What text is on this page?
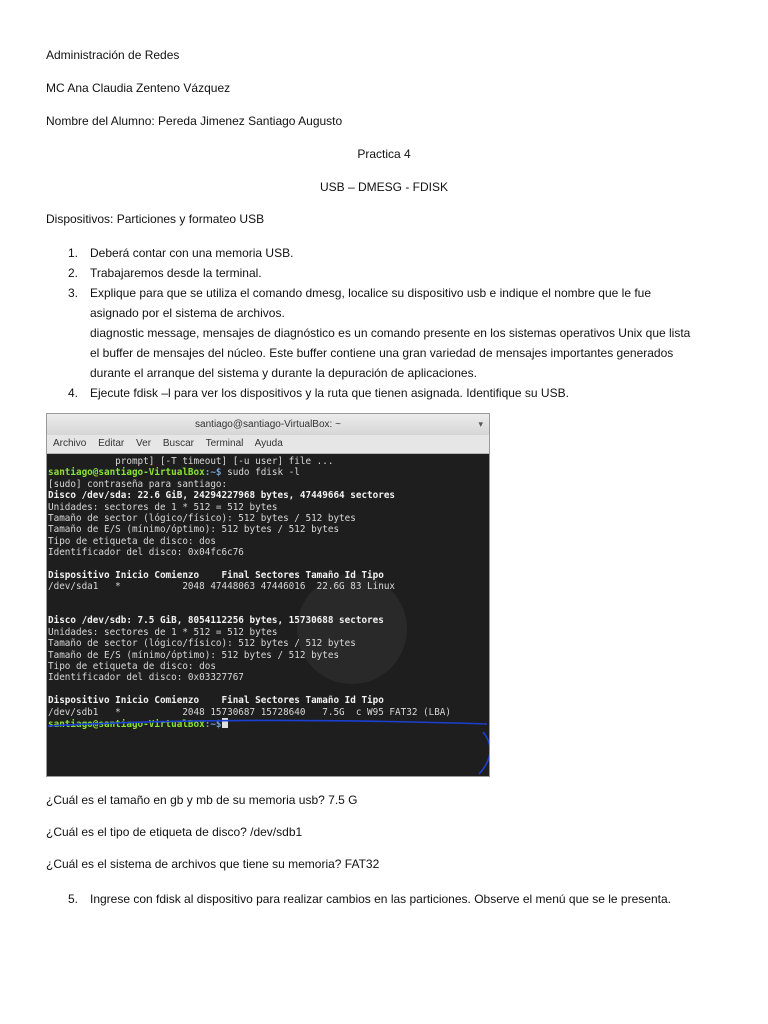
Administración de Redes
MC Ana Claudia Zenteno Vázquez
Nombre del Alumno: Pereda Jimenez Santiago Augusto
Practica 4
USB – DMESG - FDISK
Dispositivos: Particiones y formateo USB
1. Deberá contar con una memoria USB.
2. Trabajaremos desde la terminal.
3. Explique para que se utiliza el comando dmesg, localice su dispositivo usb e indique el nombre que le fue
asignado por el sistema de archivos.
diagnostic message, mensajes de diagnóstico es un comando presente en los sistemas operativos Unix que lista
el buffer de mensajes del núcleo. Este buffer contiene una gran variedad de mensajes importantes generados
durante el arranque del sistema y durante la depuración de aplicaciones.
4. Ejecute fdisk –l para ver los dispositivos y la ruta que tienen asignada. Identifique su USB.
santiago@santiago-VirtualBox: ~	▾
Archivo Editar Ver Buscar Terminal Ayuda
prompt] [-T timeout] [-u user] file ...
santiago@santiago-VirtualBox:~$ sudo fdisk -l
[sudo] contraseña para santiago:
Disco /dev/sda: 22.6 GiB, 24294227968 bytes, 47449664 sectores
Unidades: sectores de 1 * 512 = 512 bytes
Tamaño de sector (lógico/físico): 512 bytes / 512 bytes
Tamaño de E/S (mínimo/óptimo): 512 bytes / 512 bytes
Tipo de etiqueta de disco: dos
Identificador del disco: 0x04fc6c76
Dispositivo Inicio Comienzo    Final Sectores Tamaño Id Tipo
/dev/sda1   *           2048 47448063 47446016  22.6G 83 Linux
Disco /dev/sdb: 7.5 GiB, 8054112256 bytes, 15730688 sectores
Unidades: sectores de 1 * 512 = 512 bytes
Tamaño de sector (lógico/físico): 512 bytes / 512 bytes
Tamaño de E/S (mínimo/óptimo): 512 bytes / 512 bytes
Tipo de etiqueta de disco: dos
Identificador del disco: 0x03327767
Dispositivo Inicio Comienzo    Final Sectores Tamaño Id Tipo
/dev/sdb1   *           2048 15730687 15728640   7.5G  c W95 FAT32 (LBA)
santiago@santiago-VirtualBox:~$
¿Cuál es el tamaño en gb y mb de su memoria usb? 7.5 G
¿Cuál es el tipo de etiqueta de disco? /dev/sdb1
¿Cuál es el sistema de archivos que tiene su memoria? FAT32
5. Ingrese con fdisk al dispositivo para realizar cambios en las particiones. Observe el menú que se le presenta.
